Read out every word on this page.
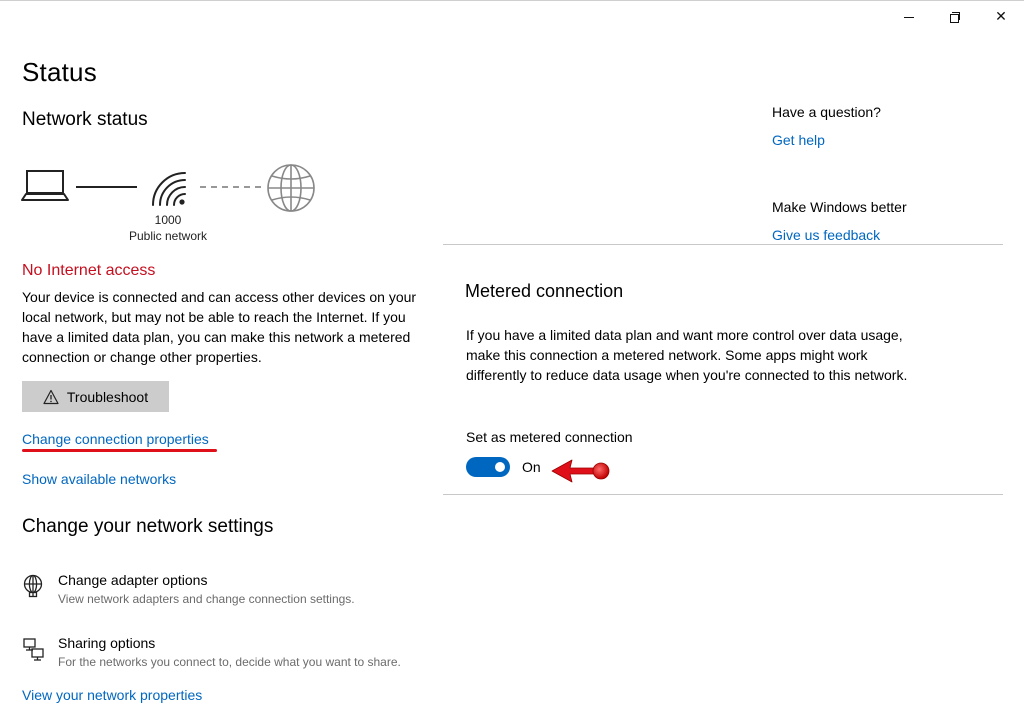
✕
Status
Network status
1000
Public network
No Internet access
Your device is connected and can access other devices on your local network, but may not be able to reach the Internet. If you have a limited data plan, you can make this network a metered connection or change other properties.
Troubleshoot
Change connection properties
Show available networks
Change your network settings
Change adapter options
View network adapters and change connection settings.
Sharing options
For the networks you connect to, decide what you want to share.
View your network properties
Have a question?
Get help
Make Windows better
Give us feedback
Metered connection
If you have a limited data plan and want more control over data usage, make this connection a metered network. Some apps might work differently to reduce data usage when you're connected to this network.
Set as metered connection
On
